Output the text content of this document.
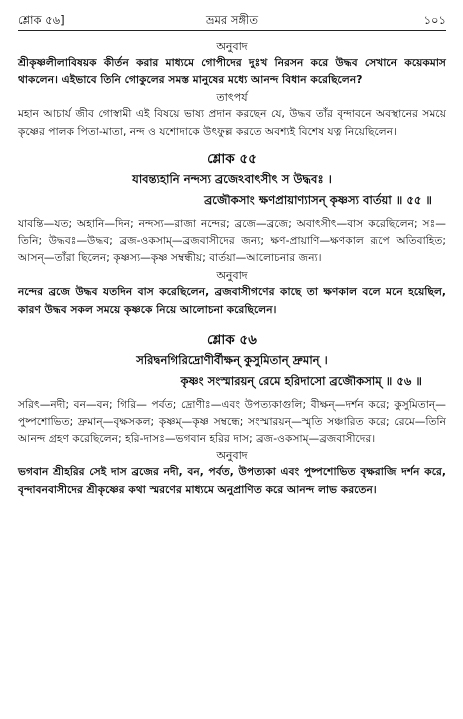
শ্লোক ৫৬]	ভ্রমর সঙ্গীত	১০১

অনুবাদ

শ্রীকৃষ্ণলীলাবিষয়ক কীর্তন করার মাধ্যমে গোপীদের দুঃখ নিরসন করে উদ্ধব সেখানে কয়েকমাস থাকলেন। এইভাবে তিনি গোকুলের সমস্ত মানুষের মধ্যে আনন্দ বিধান করেছিলেন?

তাৎপর্য

মহান আচার্য জীব গোস্বামী এই বিষয়ে ভাষ্য প্রদান করছেন যে, উদ্ধব তাঁর বৃন্দাবনে অবস্থানের সময়ে কৃষ্ণের পালক পিতা-মাতা, নন্দ ও যশোদাকে উৎফুল্ল করতে অবশ্যই বিশেষ যত্ন নিয়েছিলেন।

শ্লোক ৫৫

যাবন্ত্যহানি নন্দস্য ব্রজেঽবাৎসীৎ স উদ্ধবঃ ।

ব্রজৌকসাং ক্ষণপ্রায়াণ্যাসন্ কৃষ্ণস্য বার্তয়া ॥ ৫৫ ॥

যাবন্তি—যত; অহানি—দিন; নন্দস্য—রাজা নন্দের; ব্রজে—ব্রজে; অবাৎসীৎ—বাস করেছিলেন; সঃ—তিনি; উদ্ধবঃ—উদ্ধব; ব্রজ-ওকসাম্—ব্রজবাসীদের জন্য; ক্ষণ-প্রায়াণি—ক্ষণকাল রূপে অতিবাহিত; আসন্—তাঁরা ছিলেন; কৃষ্ণস্য—কৃষ্ণ সম্বন্ধীয়; বার্তয়া—আলোচনার জন্য।

অনুবাদ

নন্দের ব্রজে উদ্ধব যতদিন বাস করেছিলেন, ব্রজবাসীগণের কাছে তা ক্ষণকাল বলে মনে হয়েছিল, কারণ উদ্ধব সকল সময়ে কৃষ্ণকে নিয়ে আলোচনা করেছিলেন।

শ্লোক ৫৬

সরিদ্বনগিরিদ্রোণীর্বীক্ষন্ কুসুমিতান্ দ্রুমান্ ।

কৃষ্ণং সংস্মারয়ন্ রেমে হরিদাসো ব্রজৌকসাম্ ॥ ৫৬ ॥

সরিৎ—নদী; বন—বন; গিরি— পর্বত; দ্রোণীঃ—এবং উপত্যকাগুলি; বীক্ষন্—দর্শন করে; কুসুমিতান্—পুষ্পশোভিত; দ্রুমান্—বৃক্ষসকল; কৃষ্ণম্—কৃষ্ণ সম্বন্ধে; সংস্মারয়ন্—স্মৃতি সঞ্চারিত করে; রেমে—তিনি আনন্দ গ্রহণ করেছিলেন; হরি-দাসঃ—ভগবান হরির দাস; ব্রজ-ওকসাম্—ব্রজবাসীদের।

অনুবাদ

ভগবান শ্রীহরির সেই দাস ব্রজের নদী, বন, পর্বত, উপত্যকা এবং পুষ্পশোভিত বৃক্ষরাজি দর্শন করে, বৃন্দাবনবাসীদের শ্রীকৃষ্ণের কথা স্মরণের মাধ্যমে অনুপ্রাণিত করে আনন্দ লাভ করতেন।
